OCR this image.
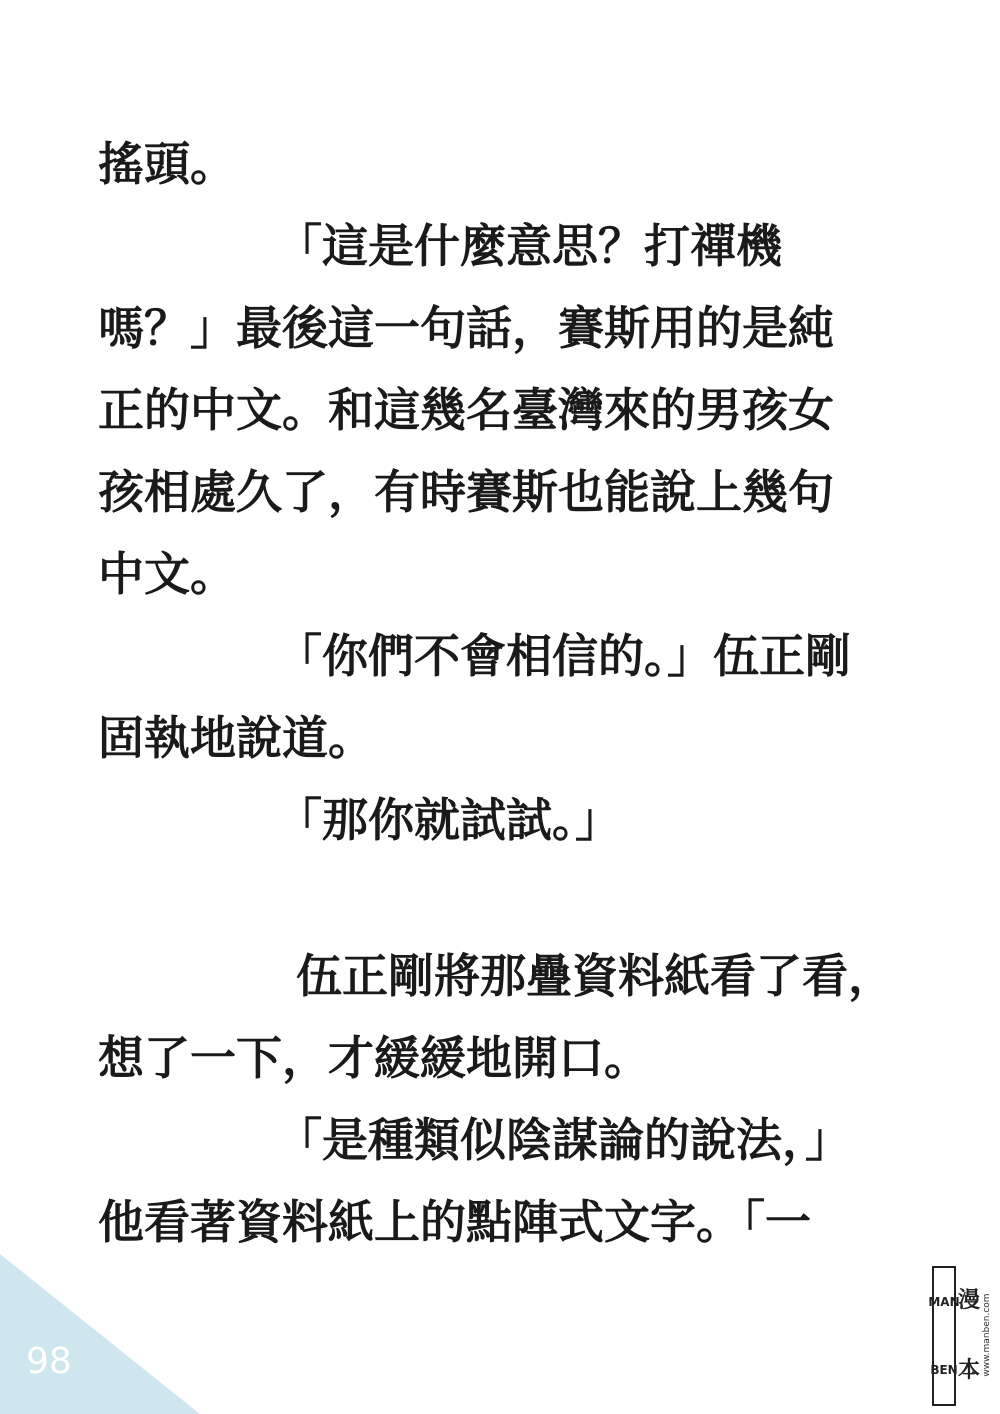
搖頭。
「這是什麼意思？打禪機
嗎？」最後這一句話，賽斯用的是純
正的中文。和這幾名臺灣來的男孩女
孩相處久了，有時賽斯也能說上幾句
中文。
「你們不會相信的。」伍正剛
固執地說道。
「那你就試試。」
伍正剛將那疊資料紙看了看，
想了一下，才緩緩地開口。
「是種類似陰謀論的說法，」
他看著資料紙上的點陣式文字。「一
98
MAN
BEN
漫
本 www.manben.com
